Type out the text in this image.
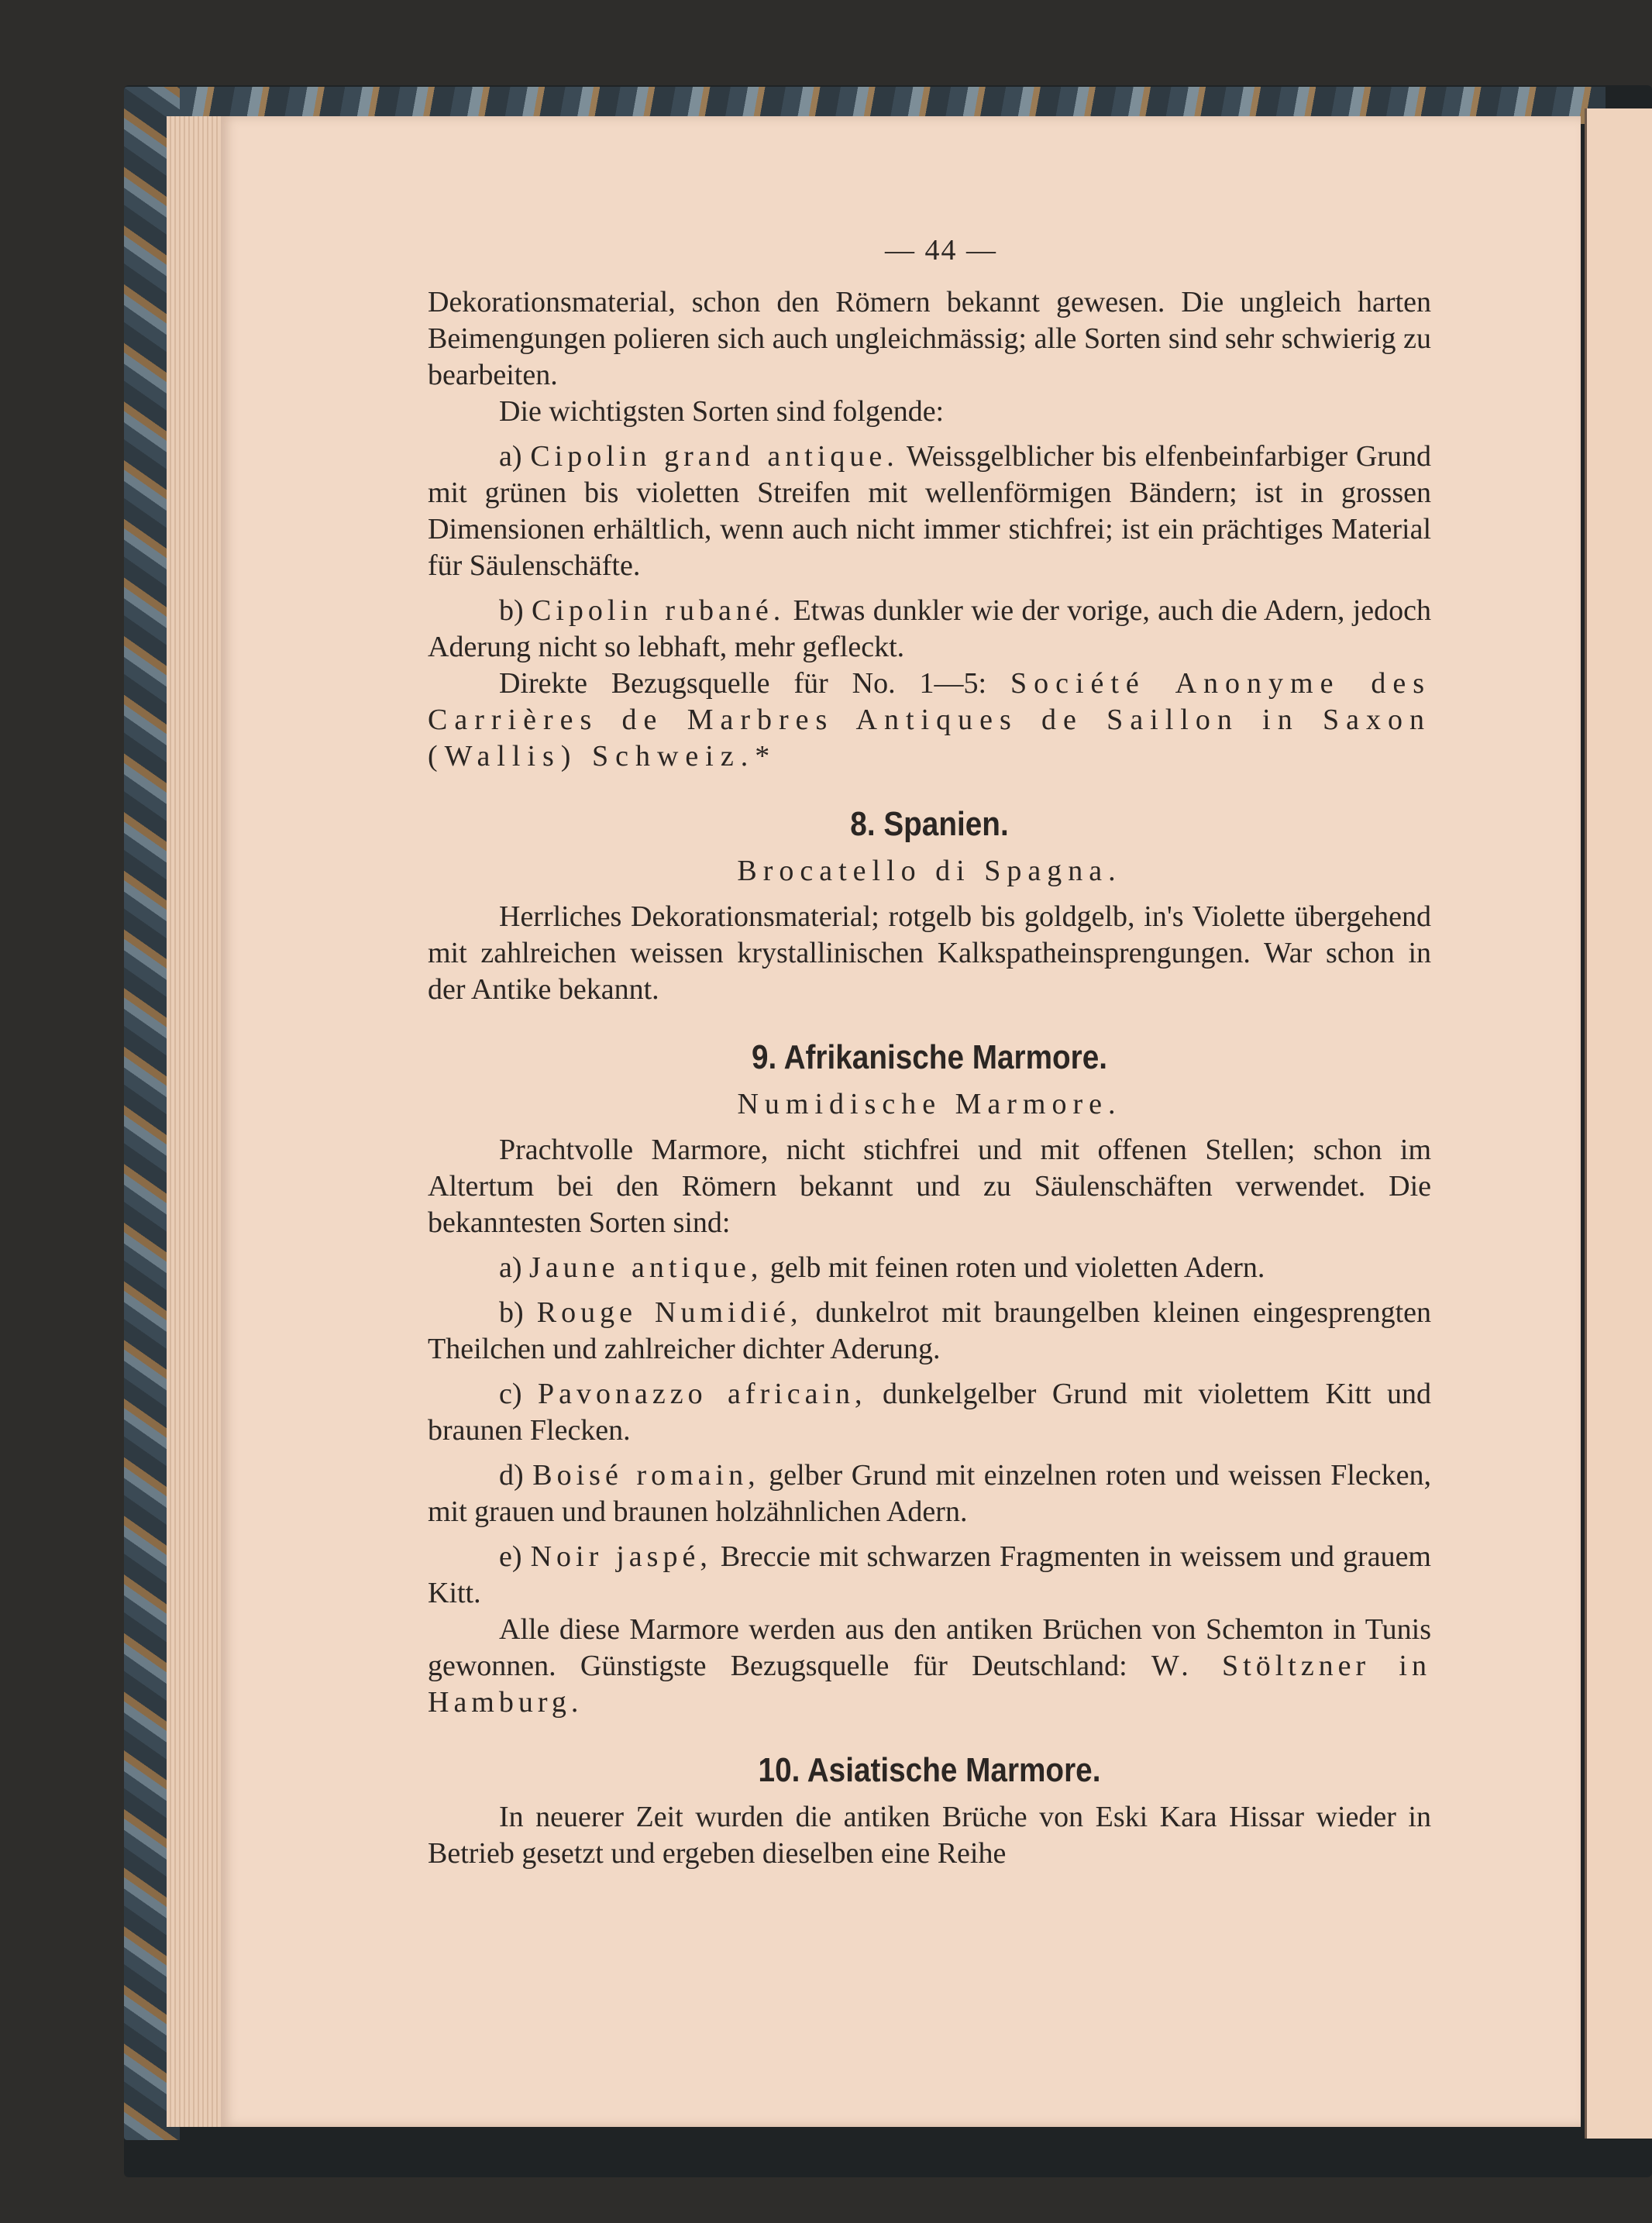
— 44 —

Dekorationsmaterial, schon den Römern bekannt gewesen. Die ungleich harten Beimengungen polieren sich auch ungleichmässig; alle Sorten sind sehr schwierig zu bearbeiten.

Die wichtigsten Sorten sind folgende:

a) Cipolin grand antique. Weissgelblicher bis elfenbeinfarbiger Grund mit grünen bis violetten Streifen mit wellenförmigen Bändern; ist in grossen Dimensionen erhältlich, wenn auch nicht immer stichfrei; ist ein prächtiges Material für Säulenschäfte.

b) Cipolin rubané. Etwas dunkler wie der vorige, auch die Adern, jedoch Aderung nicht so lebhaft, mehr gefleckt.

Direkte Bezugsquelle für No. 1—5: Société Anonyme des Carrières de Marbres Antiques de Saillon in Saxon (Wallis) Schweiz.*

8. Spanien.
Brocatello di Spagna.

Herrliches Dekorationsmaterial; rotgelb bis goldgelb, in's Violette übergehend mit zahlreichen weissen krystallinischen Kalkspatheinsprengungen. War schon in der Antike bekannt.

9. Afrikanische Marmore.
Numidische Marmore.

Prachtvolle Marmore, nicht stichfrei und mit offenen Stellen; schon im Altertum bei den Römern bekannt und zu Säulenschäften verwendet. Die bekanntesten Sorten sind:

a) Jaune antique, gelb mit feinen roten und violetten Adern.

b) Rouge Numidié, dunkelrot mit braungelben kleinen eingesprengten Theilchen und zahlreicher dichter Aderung.

c) Pavonazzo africain, dunkelgelber Grund mit violettem Kitt und braunen Flecken.

d) Boisé romain, gelber Grund mit einzelnen roten und weissen Flecken, mit grauen und braunen holzähnlichen Adern.

e) Noir jaspé, Breccie mit schwarzen Fragmenten in weissem und grauem Kitt.

Alle diese Marmore werden aus den antiken Brüchen von Schemton in Tunis gewonnen. Günstigste Bezugsquelle für Deutschland: W. Stöltzner in Hamburg.

10. Asiatische Marmore.

In neuerer Zeit wurden die antiken Brüche von Eski Kara Hissar wieder in Betrieb gesetzt und ergeben dieselben eine Reihe
